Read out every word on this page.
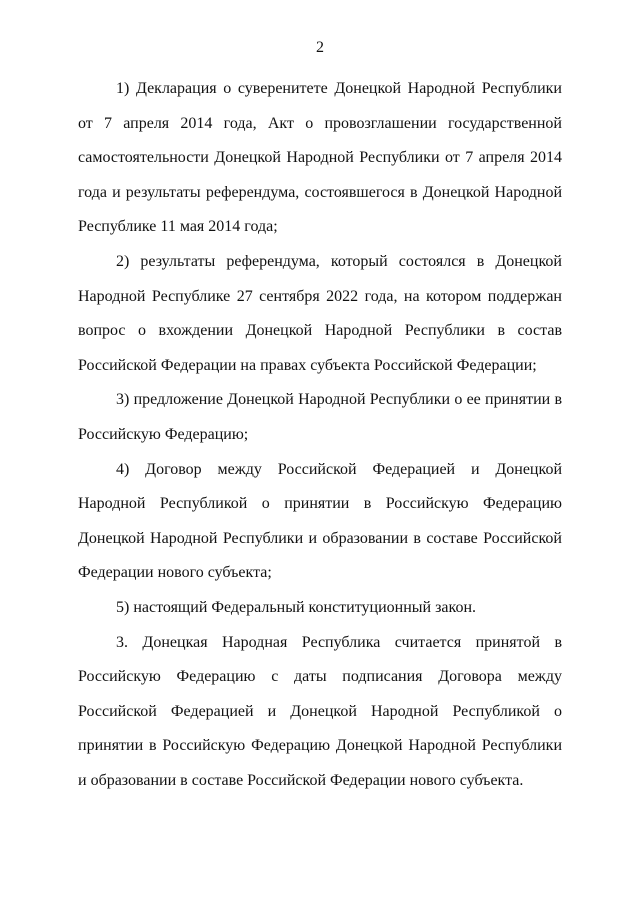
2

1) Декларация о суверенитете Донецкой Народной Республики от 7 апреля 2014 года, Акт о провозглашении государственной самостоятельности Донецкой Народной Республики от 7 апреля 2014 года и результаты референдума, состоявшегося в Донецкой Народной Республике 11 мая 2014 года;

2) результаты референдума, который состоялся в Донецкой Народной Республике 27 сентября 2022 года, на котором поддержан вопрос о вхождении Донецкой Народной Республики в состав Российской Федерации на правах субъекта Российской Федерации;

3) предложение Донецкой Народной Республики о ее принятии в Российскую Федерацию;

4) Договор между Российской Федерацией и Донецкой Народной Республикой о принятии в Российскую Федерацию Донецкой Народной Республики и образовании в составе Российской Федерации нового субъекта;

5) настоящий Федеральный конституционный закон.

3. Донецкая Народная Республика считается принятой в Российскую Федерацию с даты подписания Договора между Российской Федерацией и Донецкой Народной Республикой о принятии в Российскую Федерацию Донецкой Народной Республики и образовании в составе Российской Федерации нового субъекта.
